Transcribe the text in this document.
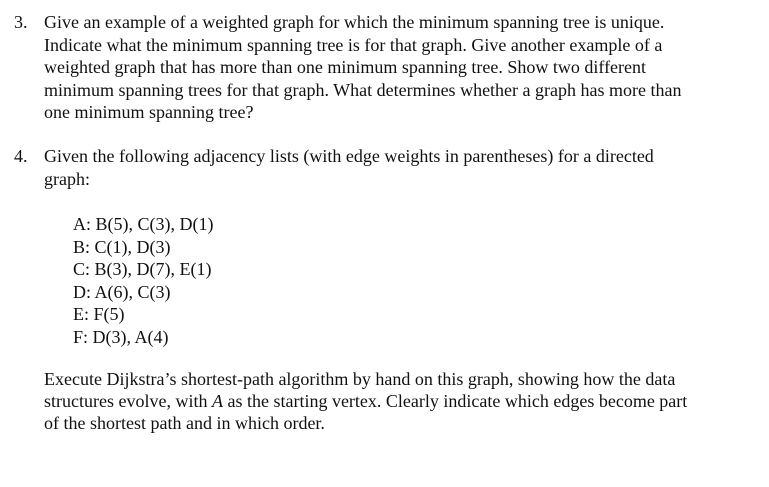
3. Give an example of a weighted graph for which the minimum spanning tree is unique.
Indicate what the minimum spanning tree is for that graph. Give another example of a
weighted graph that has more than one minimum spanning tree. Show two different
minimum spanning trees for that graph. What determines whether a graph has more than
one minimum spanning tree?
4. Given the following adjacency lists (with edge weights in parentheses) for a directed
graph:
A: B(5), C(3), D(1)
B: C(1), D(3)
C: B(3), D(7), E(1)
D: A(6), C(3)
E: F(5)
F: D(3), A(4)
Execute Dijkstra’s shortest-path algorithm by hand on this graph, showing how the data
structures evolve, with A as the starting vertex. Clearly indicate which edges become part
of the shortest path and in which order.
